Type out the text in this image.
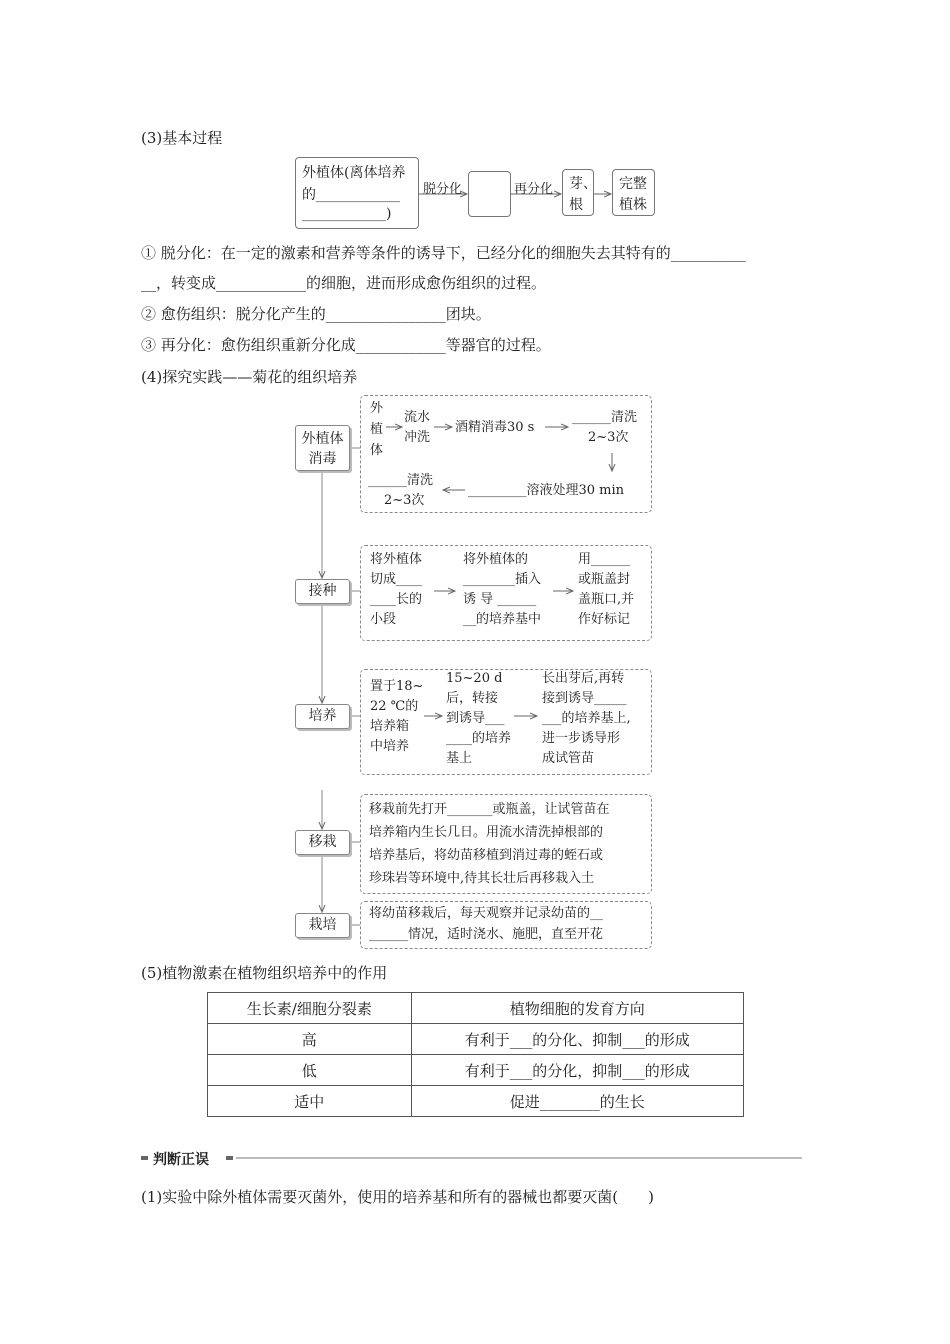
(3)基本过程
外植体(离体培养
的____________
____________)
脱分化	再分化 芽、
根
完整
植株
① 脱分化：在一定的激素和营养等条件的诱导下，已经分化的细胞失去其特有的__________
__，转变成____________的细胞，进而形成愈伤组织的过程。
② 愈伤组织：脱分化产生的________________团块。
③ 再分化：愈伤组织重新分化成____________等器官的过程。
(4)探究实践——菊花的组织培养
外植体
消毒
接种
培养
移栽
栽培
外
植
体
流水
冲洗
酒精消毒30 s
______清洗
2~3次
_________溶液处理30 min
______清洗
2~3次
将外植体
切成____
____长的
小段
将外植体的
________插入
诱 导 ______
__的培养基中
用______
或瓶盖封
盖瓶口,并
作好标记
置于18~
22 ℃的
培养箱
中培养
15~20 d
后，转接
到诱导___
____的培养
基上
长出芽后,再转
接到诱导_____
___的培养基上,
进一步诱导形
成试管苗
移栽前先打开_______或瓶盖，让试管苗在
培养箱内生长几日。用流水清洗掉根部的
培养基后，将幼苗移植到消过毒的蛭石或
珍珠岩等环境中,待其长壮后再移栽入土
将幼苗移栽后，每天观察并记录幼苗的__
______情况，适时浇水、施肥，直至开花
(5)植物激素在植物组织培养中的作用
生长素/细胞分裂素	植物细胞的发育方向
高	有利于___的分化、抑制___的形成
低	有利于___的分化，抑制___的形成
适中	促进________的生长
判断正误
(1)实验中除外植体需要灭菌外，使用的培养基和所有的器械也都要灭菌(　　)
